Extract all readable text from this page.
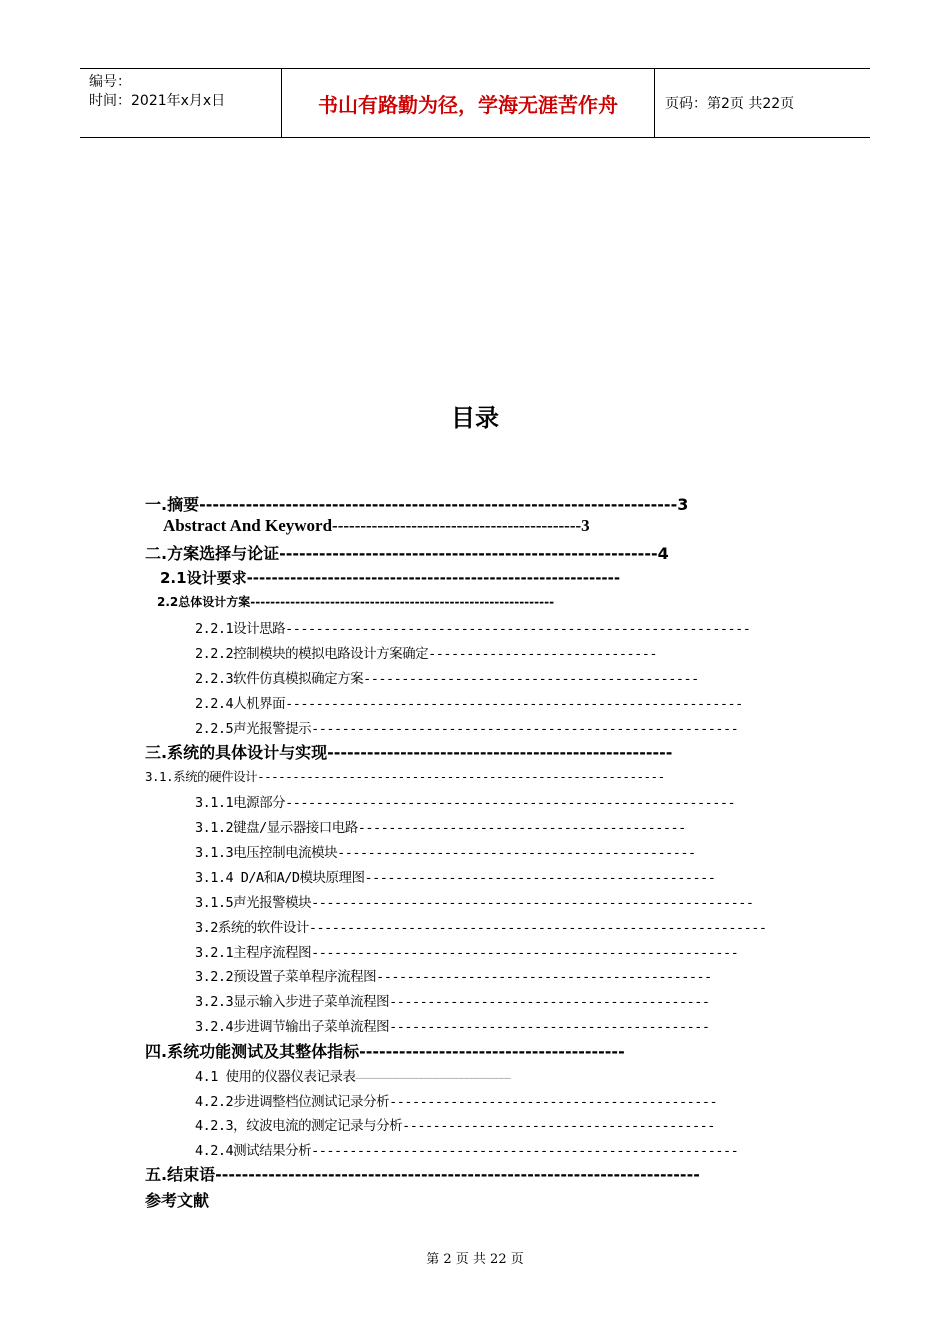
编号：
时间：2021年x月x日	书山有路勤为径，学海无涯苦作舟	页码：第2页 共22页
目录
一.摘要------------------------------------------------------------------------3
Abstract And Keyword--------------------------------------------3
二.方案选择与论证---------------------------------------------------------4
2.1设计要求------------------------------------------------------------
2.2总体设计方案-------------------------------------------------------------
2.2.1设计思路-------------------------------------------------------------
2.2.2控制模块的模拟电路设计方案确定------------------------------
2.2.3软件仿真模拟确定方案--------------------------------------------
2.2.4人机界面------------------------------------------------------------
2.2.5声光报警提示--------------------------------------------------------
三.系统的具体设计与实现----------------------------------------------------
3.1.系统的硬件设计----------------------------------------------------------
3.1.1电源部分-----------------------------------------------------------
3.1.2键盘/显示器接口电路-------------------------------------------
3.1.3电压控制电流模块-----------------------------------------------
3.1.4 D/A和A/D模块原理图----------------------------------------------
3.1.5声光报警模块----------------------------------------------------------
3.2系统的软件设计------------------------------------------------------------
3.2.1主程序流程图--------------------------------------------------------
3.2.2预设置子菜单程序流程图--------------------------------------------
3.2.3显示输入步进子菜单流程图------------------------------------------
3.2.4步进调节输出子菜单流程图------------------------------------------
四.系统功能测试及其整体指标----------------------------------------
4.1 使用的仪器仪表记录表———————————————————————————————
4.2.2步进调整档位测试记录分析-------------------------------------------
4.2.3，纹波电流的测定记录与分析-----------------------------------------
4.2.4测试结果分析--------------------------------------------------------
五.结束语-------------------------------------------------------------------------
参考文献
第 2 页 共 22 页
